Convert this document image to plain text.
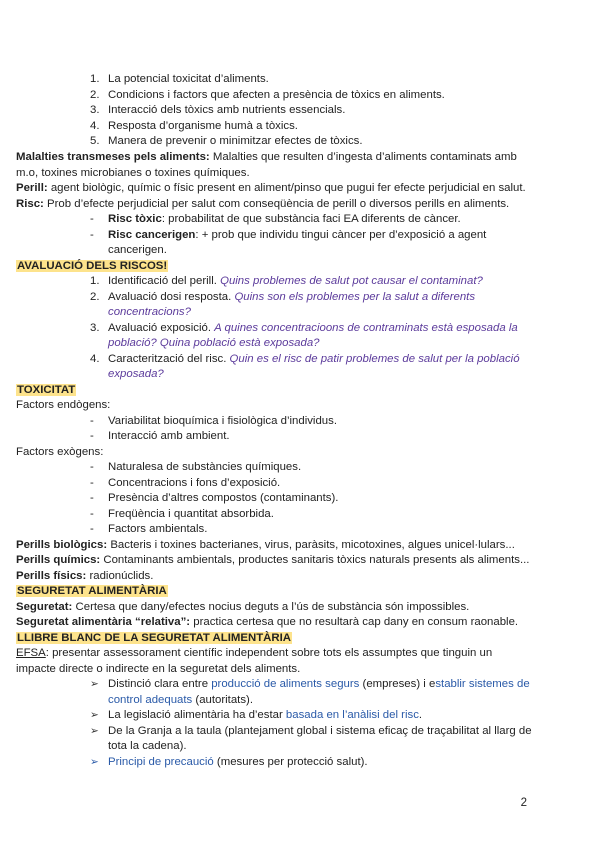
1. La potencial toxicitat d’aliments.
2. Condicions i factors que afecten a presència de tòxics en aliments.
3. Interacció dels tòxics amb nutrients essencials.
4. Resposta d’organisme humà a tòxics.
5. Manera de prevenir o minimitzar efectes de tòxics.
Malalties transmeses pels aliments: Malalties que resulten d’ingesta d’aliments contaminats amb
m.o, toxines microbianes o toxines químiques.
Perill: agent biològic, químic o físic present en aliment/pinso que pugui fer efecte perjudicial en salut.
Risc: Prob d’efecte perjudicial per salut com conseqüència de perill o diversos perills en aliments.
- Risc tòxic: probabilitat de que substància faci EA diferents de càncer.
- Risc cancerigen: + prob que individu tingui càncer per d’exposició a agent
cancerigen.
AVALUACIÓ DELS RISCOS!
1. Identificació del perill. Quins problemes de salut pot causar el contaminat?
2. Avaluació dosi resposta. Quins son els problemes per la salut a diferents
concentracions?
3. Avaluació exposició. A quines concentracioons de contraminats està esposada la
població? Quina població està exposada?
4. Caracterització del risc. Quin es el risc de patir problemes de salut per la població
exposada?
TOXICITAT
Factors endògens:
- Variabilitat bioquímica i fisiològica d’individus.
- Interacció amb ambient.
Factors exògens:
- Naturalesa de substàncies químiques.
- Concentracions i fons d’exposició.
- Presència d’altres compostos (contaminants).
- Freqüència i quantitat absorbida.
- Factors ambientals.
Perills biològics: Bacteris i toxines bacterianes, virus, paràsits, micotoxines, algues unicel·lulars...
Perills químics: Contaminants ambientals, productes sanitaris tòxics naturals presents als aliments...
Perills físics: radionúclids.
SEGURETAT ALIMENTÀRIA
Seguretat: Certesa que dany/efectes nocius deguts a l’ús de substància són impossibles.
Seguretat alimentària “relativa”: practica certesa que no resultarà cap dany en consum raonable.
LLIBRE BLANC DE LA SEGURETAT ALIMENTÀRIA
EFSA: presentar assessorament científic independent sobre tots els assumptes que tinguin un
impacte directe o indirecte en la seguretat dels aliments.
➢ Distinció clara entre producció de aliments segurs (empreses) i establir sistemes de
control adequats (autoritats).
➢ La legislació alimentària ha d’estar basada en l’anàlisi del risc.
➢ De la Granja a la taula (plantejament global i sistema eficaç de traçabilitat al llarg de
tota la cadena).
➢ Principi de precaució (mesures per protecció salut).
2
